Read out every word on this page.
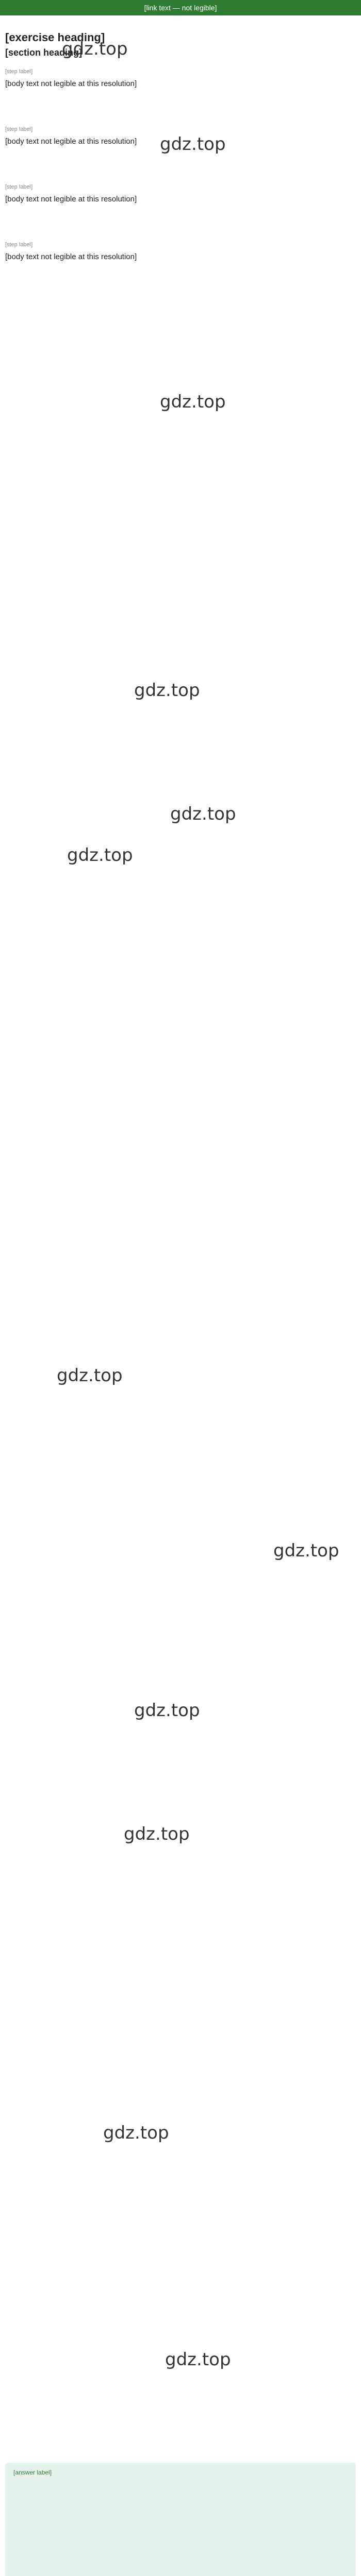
[link text — not legible]
[exercise heading]
[section heading]
[step label]
[body text not legible at this resolution]
[step label]
[body text not legible at this resolution]
[step label]
[body text not legible at this resolution]
[step label]
[body text not legible at this resolution]
gdz.top
gdz.top
gdz.top
gdz.top
gdz.top
gdz.top
gdz.top
gdz.top
gdz.top
gdz.top
gdz.top
gdz.top
[answer label]
